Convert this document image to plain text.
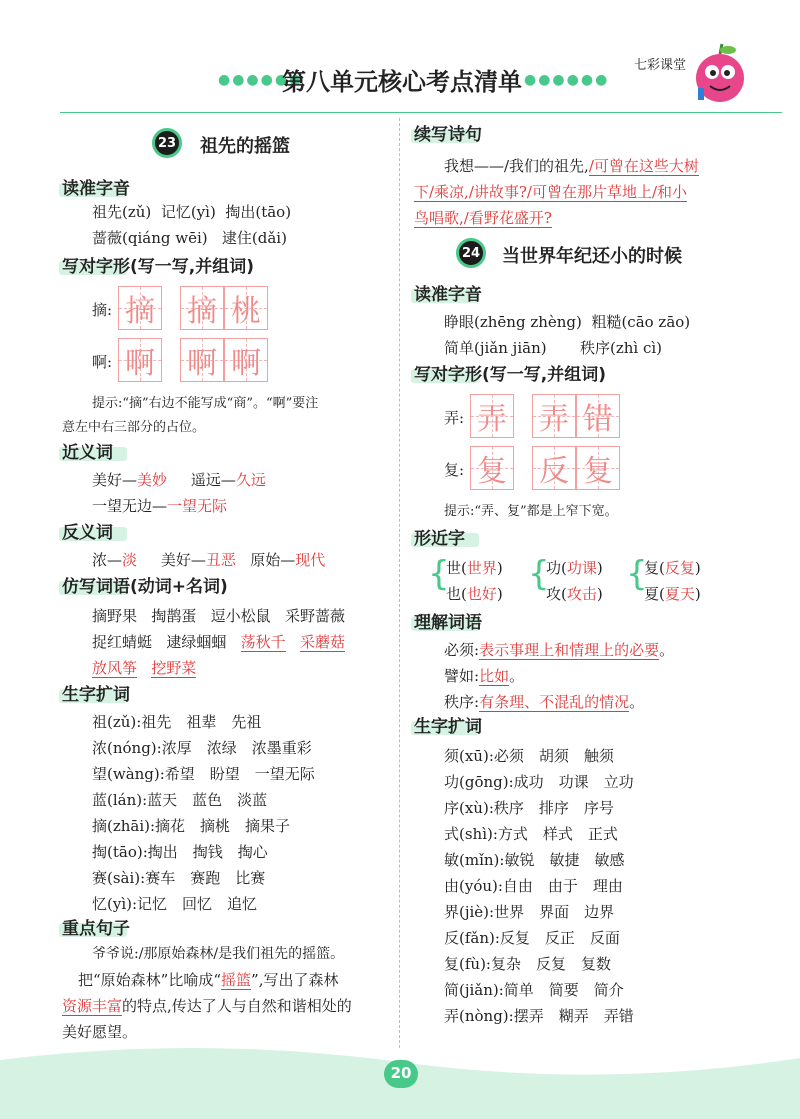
●●●●●●
第八单元核心考点清单 ●●●●●●
七彩课堂
23 祖先的摇篮
读准字音
祖先(zǔ) 记忆(yì) 掏出(tāo)
蔷薇(qiáng wēi) 逮住(dǎi)
写对字形(写一写,并组词)
摘: 摘 摘 桃
啊: 啊 啊 啊
提示:“摘”右边不能写成“商”。“啊”要注
意左中右三部分的占位。
近义词
美好—美妙 遥远—久远
一望无边—一望无际
反义词
浓—淡 美好—丑恶 原始—现代
仿写词语(动词+名词)
摘野果 掏鹊蛋 逗小松鼠 采野蔷薇
捉红蜻蜓 逮绿蝈蝈 荡秋千 采蘑菇
放风筝 挖野菜
生字扩词
祖(zǔ):祖先　祖辈　先祖
浓(nóng):浓厚　浓绿　浓墨重彩
望(wàng):希望　盼望　一望无际
蓝(lán):蓝天　蓝色　淡蓝
摘(zhāi):摘花　摘桃　摘果子
掏(tāo):掏出　掏钱　掏心
赛(sài):赛车　赛跑　比赛
忆(yì):记忆　回忆　追忆
重点句子
爷爷说:/那原始森林/是我们祖先的摇篮。
把“原始森林”比喻成“摇篮”,写出了森林
资源丰富的特点,传达了人与自然和谐相处的
美好愿望。
续写诗句
我想——/我们的祖先,/可曾在这些大树
下/乘凉,/讲故事?/可曾在那片草地上/和小
鸟唱歌,/看野花盛开?
24 当世界年纪还小的时候
读准字音
睁眼(zhēng zhèng) 粗糙(cāo zāo)
简单(jiǎn jiān) 秩序(zhì cì)
写对字形(写一写,并组词)
弄: 弄 弄 错
复: 复 反 复
提示:“弄、复”都是上窄下宽。
形近字
{
世(世界)
也(也好) {
功(功课)
攻(攻击) {
复(反复)
夏(夏天)
理解词语
必须:表示事理上和情理上的必要。
譬如:比如。
秩序:有条理、不混乱的情况。
生字扩词
须(xū):必须　胡须　触须
功(gōng):成功　功课　立功
序(xù):秩序　排序　序号
式(shì):方式　样式　正式
敏(mǐn):敏锐　敏捷　敏感
由(yóu):自由　由于　理由
界(jiè):世界　界面　边界
反(fǎn):反复　反正　反面
复(fù):复杂　反复　复数
简(jiǎn):简单　简要　简介
弄(nòng):摆弄　糊弄　弄错
20
